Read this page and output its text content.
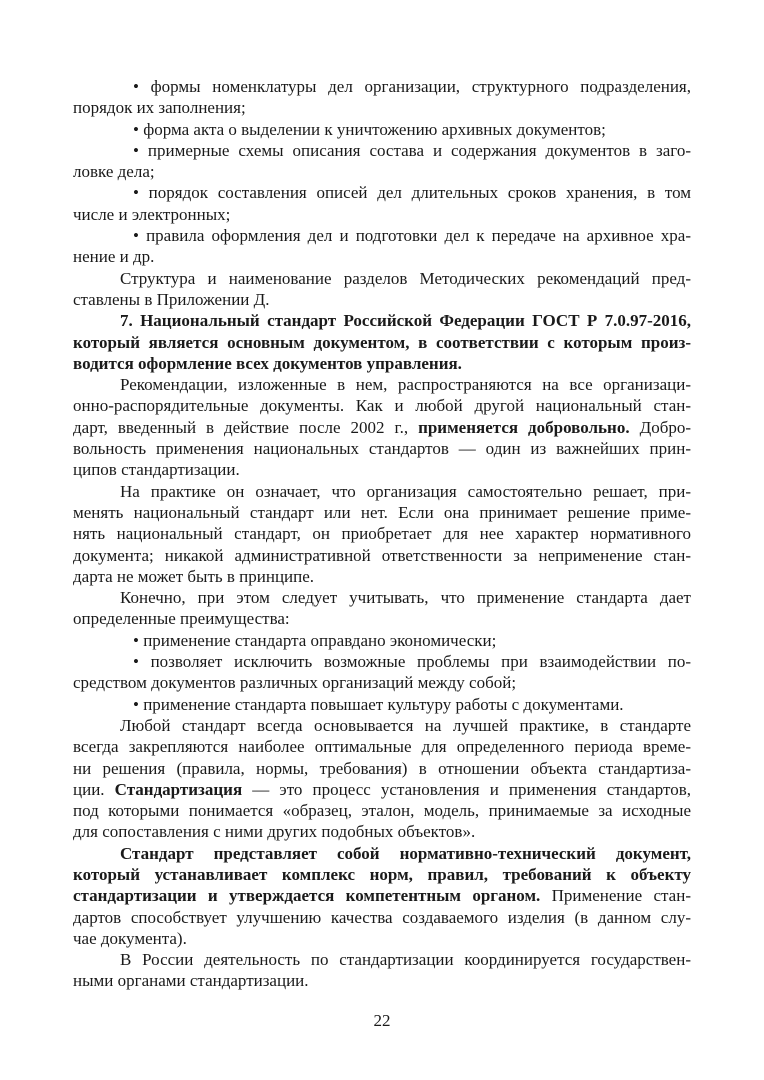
• формы номенклатуры дел организации, структурного подразделения,
порядок их заполнения;
• форма акта о выделении к уничтожению архивных документов;
• примерные схемы описания состава и содержания документов в заго-
ловке дела;
• порядок составления описей дел длительных сроков хранения, в том
числе и электронных;
• правила оформления дел и подготовки дел к передаче на архивное хра-
нение и др.
Структура и наименование разделов Методических рекомендаций пред-
ставлены в Приложении Д.
7. Национальный стандарт Российской Федерации ГОСТ Р 7.0.97-2016,
который является основным документом, в соответствии с которым произ-
водится оформление всех документов управления.
Рекомендации, изложенные в нем, распространяются на все организаци-
онно-распорядительные документы. Как и любой другой национальный стан-
дарт, введенный в действие после 2002 г., применяется добровольно. Добро-
вольность применения национальных стандартов — один из важнейших прин-
ципов стандартизации.
На практике он означает, что организация самостоятельно решает, при-
менять национальный стандарт или нет. Если она принимает решение приме-
нять национальный стандарт, он приобретает для нее характер нормативного
документа; никакой административной ответственности за неприменение стан-
дарта не может быть в принципе.
Конечно, при этом следует учитывать, что применение стандарта дает
определенные преимущества:
• применение стандарта оправдано экономически;
• позволяет исключить возможные проблемы при взаимодействии по-
средством документов различных организаций между собой;
• применение стандарта повышает культуру работы с документами.
Любой стандарт всегда основывается на лучшей практике, в стандарте
всегда закрепляются наиболее оптимальные для определенного периода време-
ни решения (правила, нормы, требования) в отношении объекта стандартиза-
ции. Стандартизация — это процесс установления и применения стандартов,
под которыми понимается «образец, эталон, модель, принимаемые за исходные
для сопоставления с ними других подобных объектов».
Стандарт представляет собой нормативно-технический документ,
который устанавливает комплекс норм, правил, требований к объекту
стандартизации и утверждается компетентным органом. Применение стан-
дартов способствует улучшению качества создаваемого изделия (в данном слу-
чае документа).
В России деятельность по стандартизации координируется государствен-
ными органами стандартизации.
22
